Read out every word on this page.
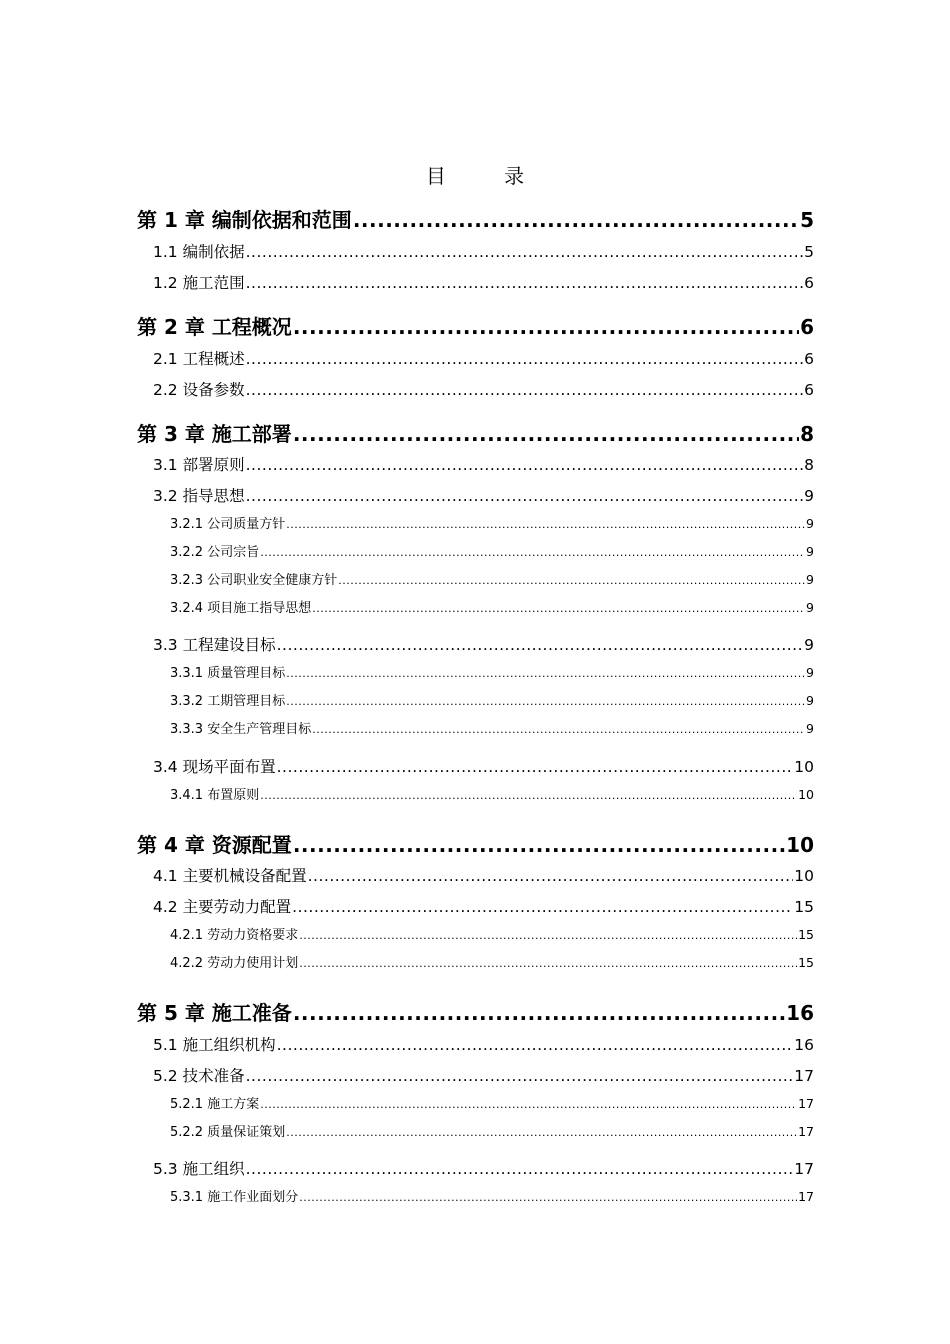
目 录
第 1 章 编制依据和范围 .....	5
1.1 编制依据 .....	5
1.2 施工范围 .....	6
第 2 章 工程概况 .....	6
2.1 工程概述 .....	6
2.2 设备参数 .....	6
第 3 章 施工部署 .....	8
3.1 部署原则 .....	8
3.2 指导思想 .....	9
3.2.1 公司质量方针 .....	9
3.2.2 公司宗旨 .....	9
3.2.3 公司职业安全健康方针 .....	9
3.2.4 项目施工指导思想 .....	9
3.3 工程建设目标 .....	9
3.3.1 质量管理目标 .....	9
3.3.2 工期管理目标 .....	9
3.3.3 安全生产管理目标 .....	9
3.4 现场平面布置 .....	10
3.4.1 布置原则 .....	10
第 4 章 资源配置 .....	10
4.1 主要机械设备配置 .....	10
4.2 主要劳动力配置 .....	15
4.2.1 劳动力资格要求 .....	15
4.2.2 劳动力使用计划 .....	15
第 5 章 施工准备 .....	16
5.1 施工组织机构 .....	16
5.2 技术准备 .....	17
5.2.1 施工方案 .....	17
5.2.2 质量保证策划 .....	17
5.3 施工组织 .....	17
5.3.1 施工作业面划分 .....	17
